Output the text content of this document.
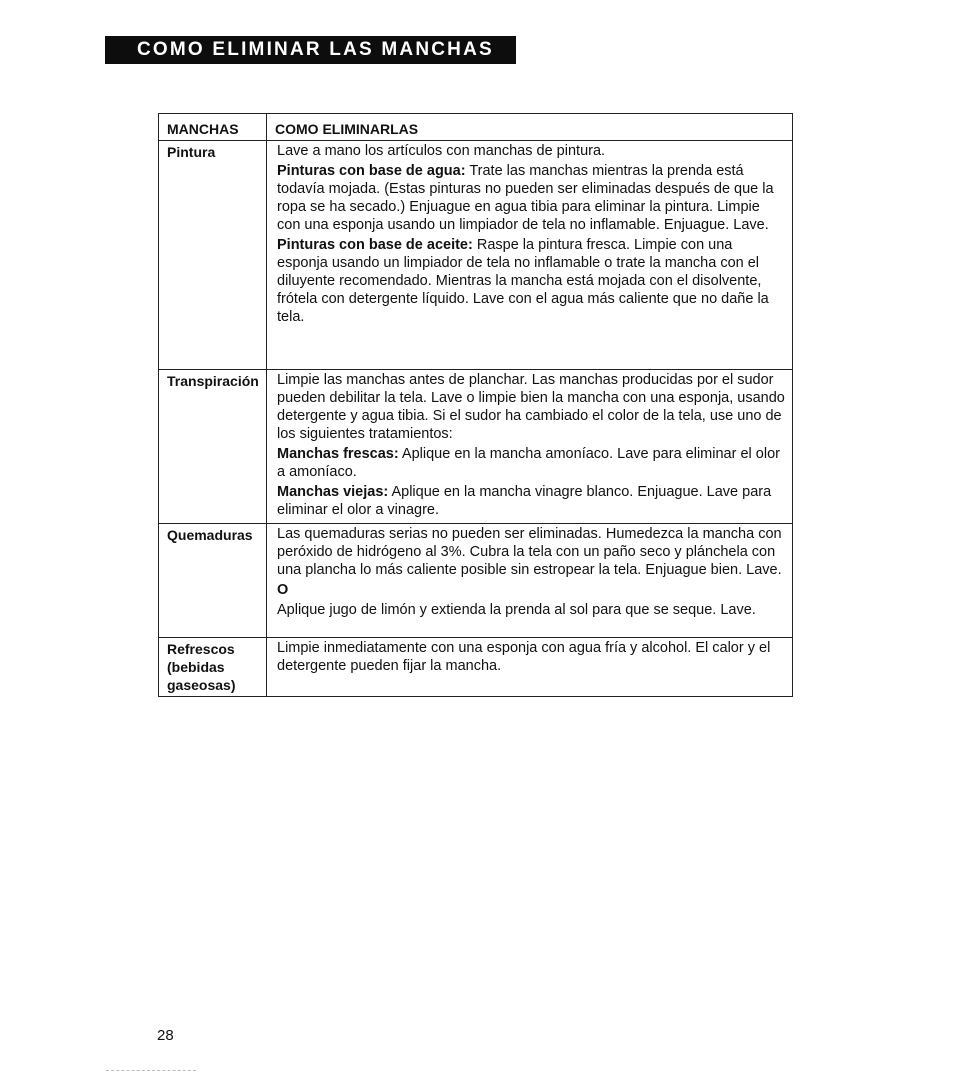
COMO ELIMINAR LAS MANCHAS
MANCHAS	COMO ELIMINARLAS
Pintura	Lave a mano los artículos con manchas de pintura.
Pinturas con base de agua: Trate las manchas mientras la prenda está todavía mojada. (Estas pinturas no pueden ser eliminadas después de que la ropa se ha secado.) Enjuague en agua tibia para eliminar la pintura. Limpie con una esponja usando un limpiador de tela no inflamable. Enjuague. Lave.
Pinturas con base de aceite: Raspe la pintura fresca. Limpie con una esponja usando un limpiador de tela no inflamable o trate la mancha con el diluyente recomendado. Mientras la mancha está mojada con el disolvente, frótela con detergente líquido. Lave con el agua más caliente que no dañe la tela.

Transpiración	Limpie las manchas antes de planchar. Las manchas producidas por el sudor pueden debilitar la tela. Lave o limpie bien la mancha con una esponja, usando detergente y agua tibia. Si el sudor ha cambiado el color de la tela, use uno de los siguientes tratamientos:
Manchas frescas: Aplique en la mancha amoníaco. Lave para eliminar el olor a amoníaco.
Manchas viejas: Aplique en la mancha vinagre blanco. Enjuague. Lave para eliminar el olor a vinagre.

Quemaduras	Las quemaduras serias no pueden ser eliminadas. Humedezca la mancha con peróxido de hidrógeno al 3%. Cubra la tela con un paño seco y plánchela con una plancha lo más caliente posible sin estropear la tela. Enjuague bien. Lave.
O
Aplique jugo de limón y extienda la prenda al sol para que se seque. Lave.

Refrescos (bebidas gaseosas)	Limpie inmediatamente con una esponja con agua fría y alcohol. El calor y el detergente pueden fijar la mancha.
28
